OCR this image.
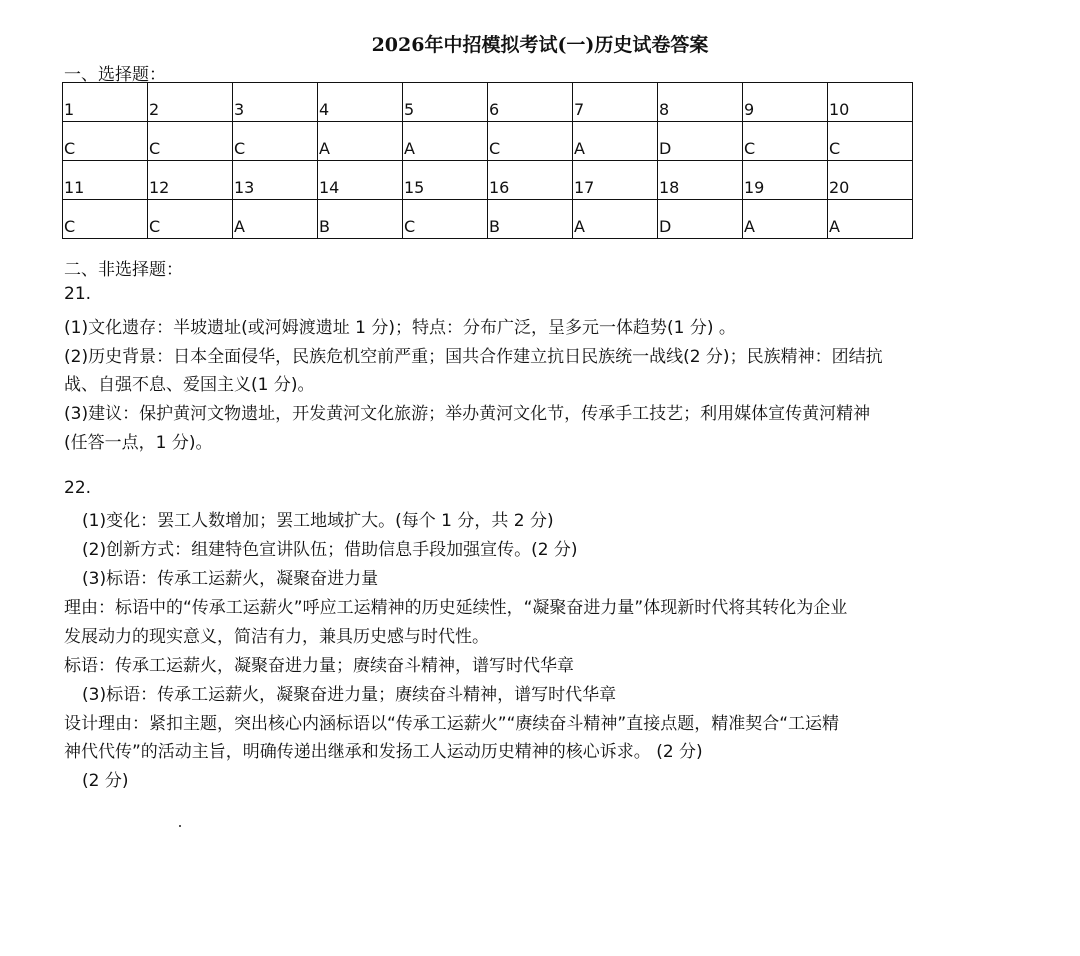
2026年中招模拟考试(一)历史试卷答案
一、选择题：
1	2	3	4	5	6	7	8	9	10
C	C	C	A	A	C	A	D	C	C
11	12	13	14	15	16	17	18	19	20
C	C	A	B	C	B	A	D	A	A
二、非选择题：
21.
(1)文化遗存：半坡遗址(或河姆渡遗址 1 分)；特点：分布广泛，呈多元一体趋势(1 分) 。
(2)历史背景：日本全面侵华，民族危机空前严重；国共合作建立抗日民族统一战线(2 分)；民族精神：团结抗
战、自强不息、爱国主义(1 分)。
(3)建议：保护黄河文物遗址，开发黄河文化旅游；举办黄河文化节，传承手工技艺；利用媒体宣传黄河精神
(任答一点，1 分)。
22.
(1)变化：罢工人数增加；罢工地域扩大。(每个 1 分，共 2 分)
(2)创新方式：组建特色宣讲队伍；借助信息手段加强宣传。(2 分)
(3)标语：传承工运薪火，凝聚奋进力量
理由：标语中的“传承工运薪火”呼应工运精神的历史延续性，“凝聚奋进力量”体现新时代将其转化为企业
发展动力的现实意义，简洁有力，兼具历史感与时代性。
标语：传承工运薪火，凝聚奋进力量；赓续奋斗精神，谱写时代华章
(3)标语：传承工运薪火，凝聚奋进力量；赓续奋斗精神，谱写时代华章
设计理由：紧扣主题，突出核心内涵标语以“传承工运薪火”“赓续奋斗精神”直接点题，精准契合“工运精
神代代传”的活动主旨，明确传递出继承和发扬工人运动历史精神的核心诉求。 (2 分)
(2 分)
